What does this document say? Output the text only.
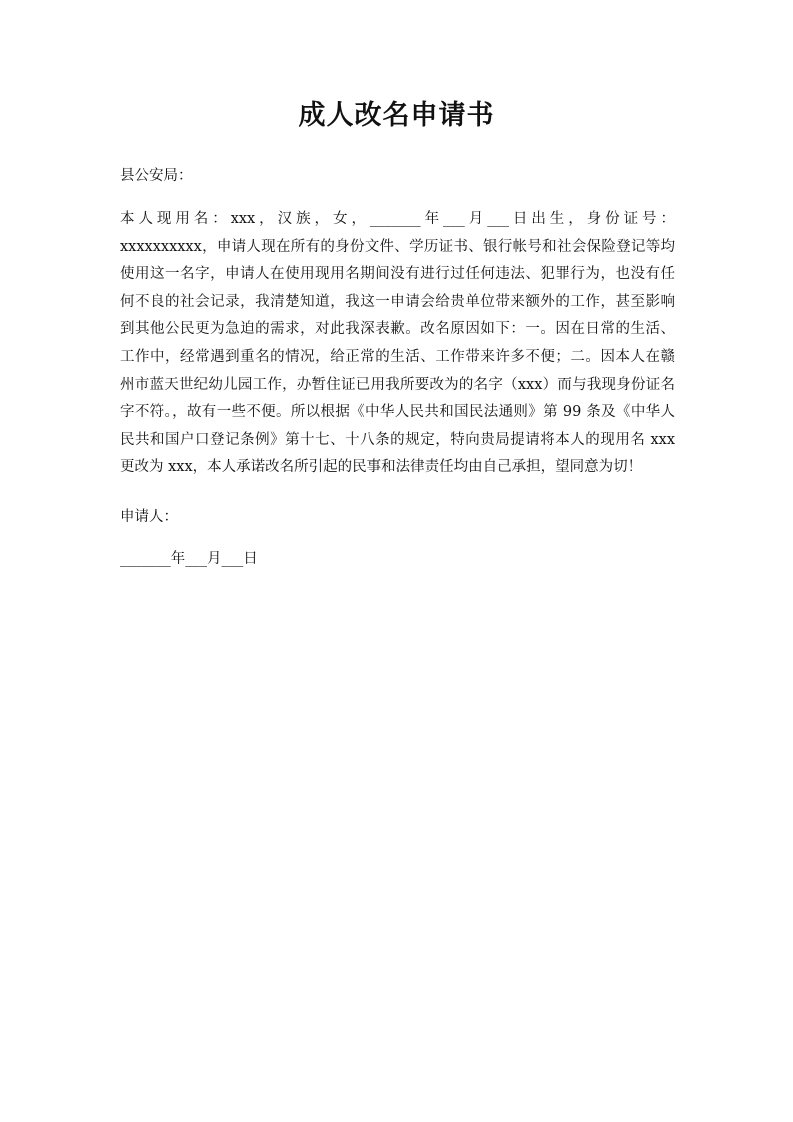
成人改名申请书

县公安局：

本人现用名：xxx，汉族，女，_______年___月___日出生，身份证号：
xxxxxxxxxx，申请人现在所有的身份文件、学历证书、银行帐号和社会保险登记等均
使用这一名字，申请人在使用现用名期间没有进行过任何违法、犯罪行为，也没有任
何不良的社会记录，我清楚知道，我这一申请会给贵单位带来额外的工作，甚至影响
到其他公民更为急迫的需求，对此我深表歉。改名原因如下：一。因在日常的生活、
工作中，经常遇到重名的情况，给正常的生活、工作带来许多不便；二。因本人在赣
州市蓝天世纪幼儿园工作，办暂住证已用我所要改为的名字（xxx）而与我现身份证名
字不符。，故有一些不便。所以根据《中华人民共和国民法通则》第 99 条及《中华人
民共和国户口登记条例》第十七、十八条的规定，特向贵局提请将本人的现用名 xxx
更改为 xxx，本人承诺改名所引起的民事和法律责任均由自己承担，望同意为切！

申请人：

_______年___月___日
